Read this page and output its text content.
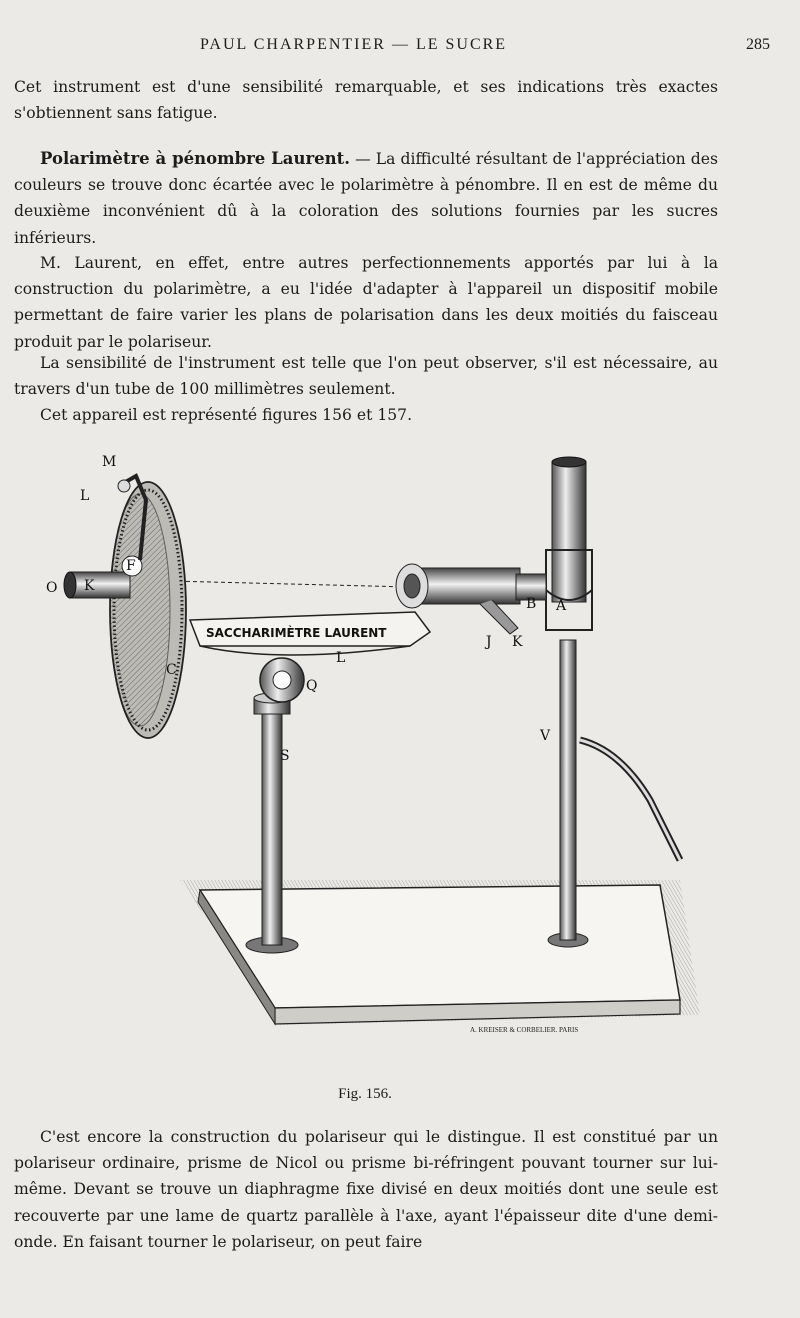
PAUL CHARPENTIER — LE SUCRE	285

Cet instrument est d'une sensibilité remarquable, et ses indications très exactes s'obtiennent sans fatigue.

Polarimètre à pénombre Laurent. — La difficulté résultant de l'appréciation des couleurs se trouve donc écartée avec le polarimètre à pénombre. Il en est de même du deuxième inconvénient dû à la coloration des solutions fournies par les sucres inférieurs.

M. Laurent, en effet, entre autres perfectionnements apportés par lui à la construction du polarimètre, a eu l'idée d'adapter à l'appareil un dispositif mobile permettant de faire varier les plans de polarisation dans les deux moitiés du faisceau produit par le polariseur.

La sensibilité de l'instrument est telle que l'on peut observer, s'il est nécessaire, au travers d'un tube de 100 millimètres seulement.

Cet appareil est représenté figures 156 et 157.

A. KREISER & CORBELIER. PARIS
SACCHARIMÈTRE LAURENT
M
L
O K
F
C
B A
J K
L
Q
S
V
Fig. 156.

C'est encore la construction du polariseur qui le distingue. Il est constitué par un polariseur ordinaire, prisme de Nicol ou prisme bi-réfringent pouvant tourner sur lui-même. Devant se trouve un diaphragme fixe divisé en deux moitiés dont une seule est recouverte par une lame de quartz parallèle à l'axe, ayant l'épaisseur dite d'une demi-onde. En faisant tourner le polariseur, on peut faire
